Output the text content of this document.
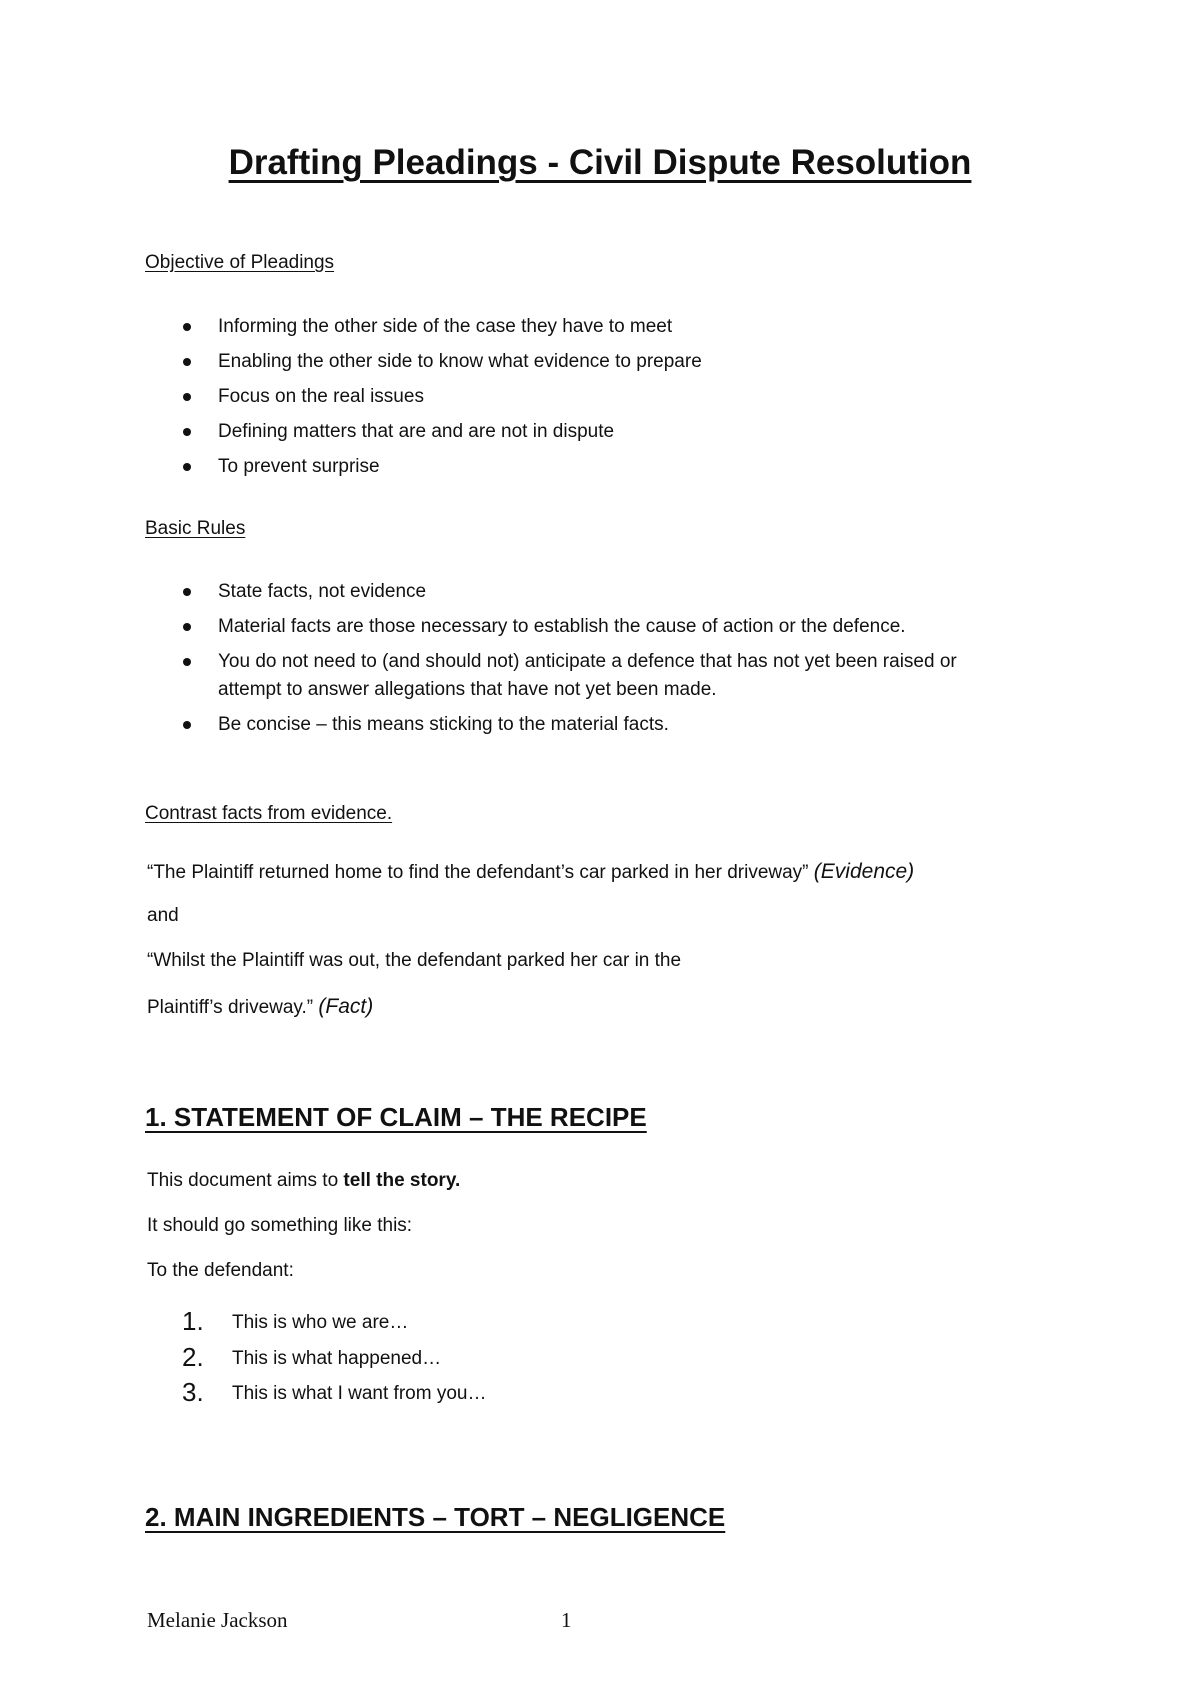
Drafting Pleadings - Civil Dispute Resolution
Objective of Pleadings
Informing the other side of the case they have to meet
Enabling the other side to know what evidence to prepare
Focus on the real issues
Defining matters that are and are not in dispute
To prevent surprise
Basic Rules
State facts, not evidence
Material facts are those necessary to establish the cause of action or the defence.
You do not need to (and should not) anticipate a defence that has not yet been raised or
attempt to answer allegations that have not yet been made.
Be concise – this means sticking to the material facts.
Contrast facts from evidence.
“The Plaintiff returned home to find the defendant’s car parked in her driveway” (Evidence)
and
“Whilst the Plaintiff was out, the defendant parked her car in the
Plaintiff’s driveway.” (Fact)
1. STATEMENT OF CLAIM – THE RECIPE
This document aims to tell the story.
It should go something like this:
To the defendant:
1. This is who we are…
2. This is what happened…
3. This is what I want from you…
2. MAIN INGREDIENTS – TORT – NEGLIGENCE
Melanie Jackson	1
